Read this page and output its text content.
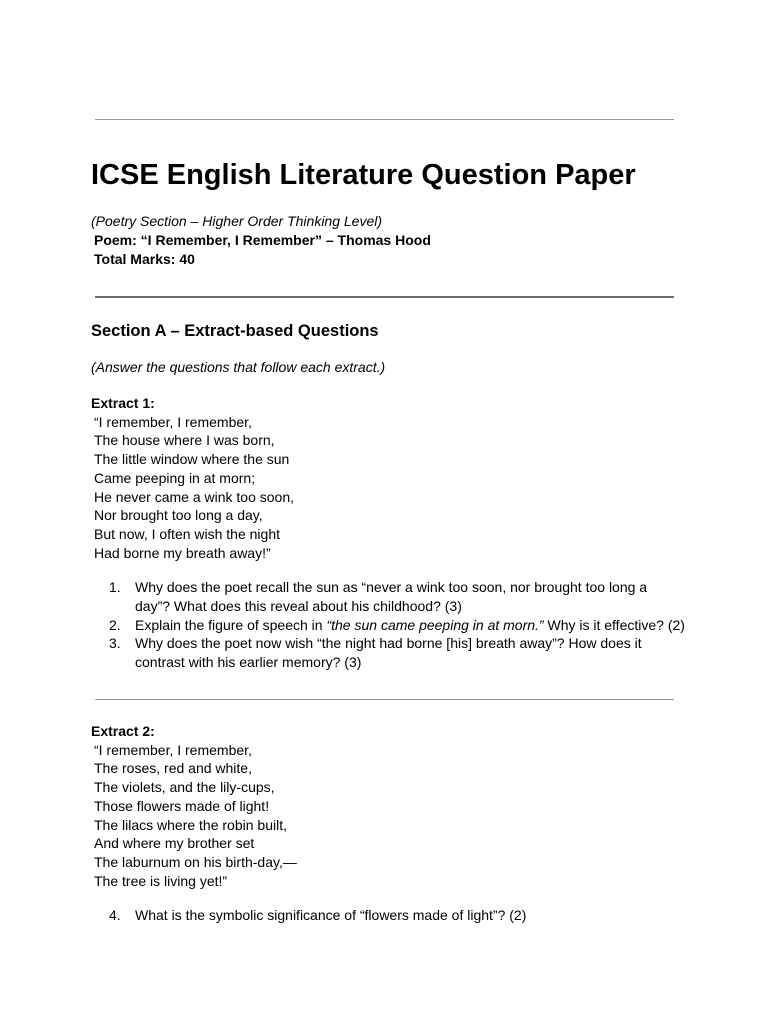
ICSE English Literature Question Paper
(Poetry Section – Higher Order Thinking Level)
Poem: “I Remember, I Remember” – Thomas Hood
Total Marks: 40
Section A – Extract-based Questions
(Answer the questions that follow each extract.)
Extract 1:
“I remember, I remember,
The house where I was born,
The little window where the sun
Came peeping in at morn;
He never came a wink too soon,
Nor brought too long a day,
But now, I often wish the night
Had borne my breath away!”
1.	Why does the poet recall the sun as “never a wink too soon, nor brought too long a
day”? What does this reveal about his childhood? (3)
2.	Explain the figure of speech in “the sun came peeping in at morn.” Why is it effective? (2)
3.	Why does the poet now wish “the night had borne [his] breath away”? How does it
contrast with his earlier memory? (3)
Extract 2:
“I remember, I remember,
The roses, red and white,
The violets, and the lily-cups,
Those flowers made of light!
The lilacs where the robin built,
And where my brother set
The laburnum on his birth-day,—
The tree is living yet!”
4.	What is the symbolic significance of “flowers made of light”? (2)
